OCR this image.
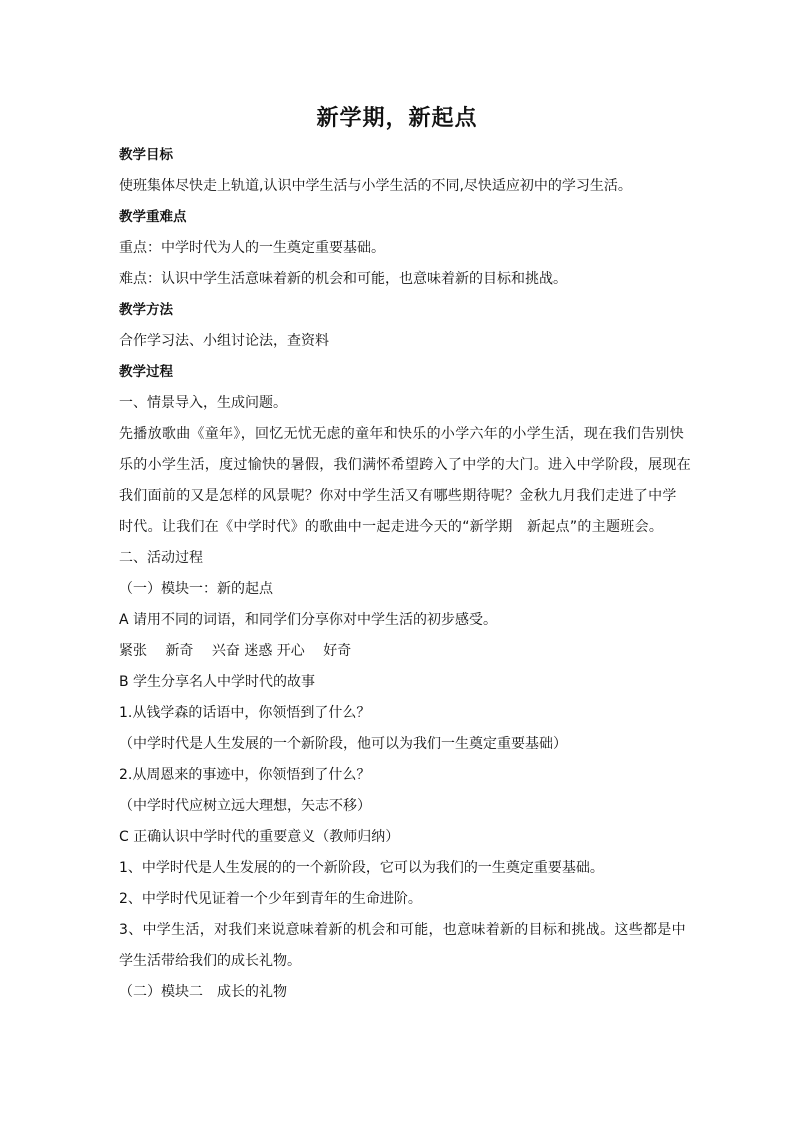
新学期，新起点
教学目标
使班集体尽快走上轨道,认识中学生活与小学生活的不同,尽快适应初中的学习生活。
教学重难点
重点：中学时代为人的一生奠定重要基础。
难点：认识中学生活意味着新的机会和可能，也意味着新的目标和挑战。
教学方法
合作学习法、小组讨论法，查资料
教学过程
一、情景导入，生成问题。
先播放歌曲《童年》，回忆无忧无虑的童年和快乐的小学六年的小学生活，现在我们告别快
乐的小学生活，度过愉快的暑假，我们满怀希望跨入了中学的大门。进入中学阶段，展现在
我们面前的又是怎样的风景呢？你对中学生活又有哪些期待呢？金秋九月我们走进了中学
时代。让我们在《中学时代》的歌曲中一起走进今天的“新学期　新起点”的主题班会。
二、活动过程
（一）模块一：新的起点
A 请用不同的词语，和同学们分享你对中学生活的初步感受。
紧张　 新奇　 兴奋 迷惑 开心　 好奇
B 学生分享名人中学时代的故事
1.从钱学森的话语中，你领悟到了什么？
（中学时代是人生发展的一个新阶段，他可以为我们一生奠定重要基础）
2.从周恩来的事迹中，你领悟到了什么？
（中学时代应树立远大理想，矢志不移）
C 正确认识中学时代的重要意义（教师归纳）
1、中学时代是人生发展的的一个新阶段，它可以为我们的一生奠定重要基础。
2、中学时代见证着一个少年到青年的生命进阶。
3、中学生活，对我们来说意味着新的机会和可能，也意味着新的目标和挑战。这些都是中
学生活带给我们的成长礼物。
（二）模块二　成长的礼物
